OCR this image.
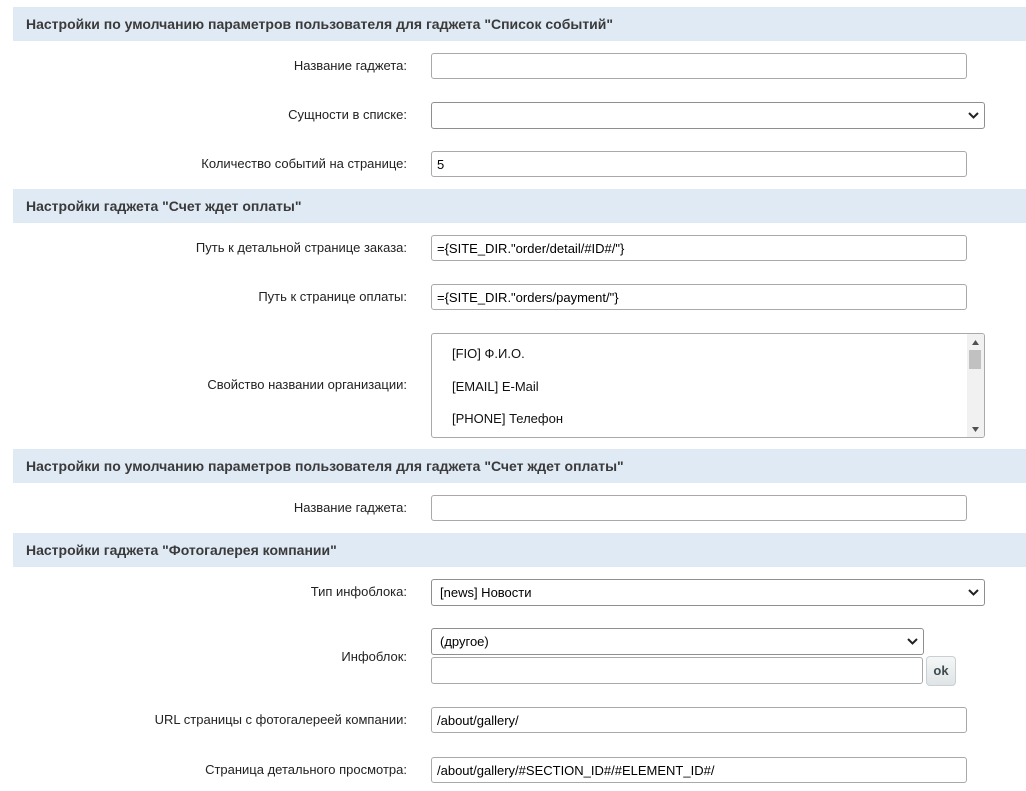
Настройки по умолчанию параметров пользователя для гаджета "Список событий"
Название гаджета:
Сущности в списке:
Количество событий на странице:
5
Настройки гаджета "Счет ждет оплаты"
Путь к детальной странице заказа:
={SITE_DIR."order/detail/#ID#/"}
Путь к странице оплаты:
={SITE_DIR."orders/payment/"}
Свойство названии организации:
[FIO] Ф.И.О.
[EMAIL] E-Mail
[PHONE] Телефон
Настройки по умолчанию параметров пользователя для гаджета "Счет ждет оплаты"
Название гаджета:
Настройки гаджета "Фотогалерея компании"
Тип инфоблока:	[news] Новости
Инфоблок:
(другое)
ok
URL страницы с фотогалереей компании:
/about/gallery/
Страница детального просмотра:
/about/gallery/#SECTION_ID#/#ELEMENT_ID#/
